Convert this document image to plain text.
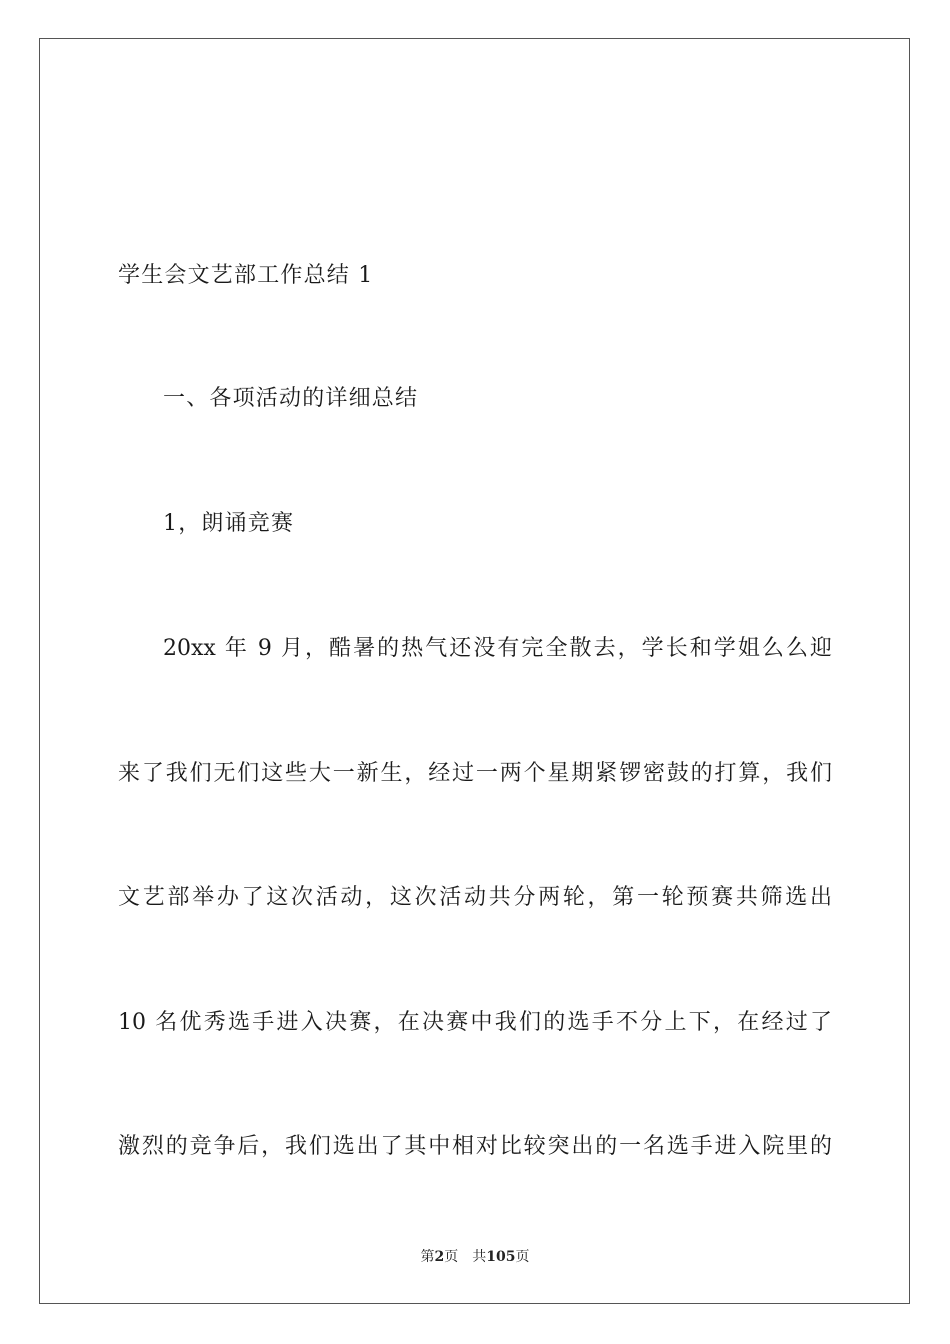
学生会文艺部工作总结 1
一、各项活动的详细总结
1，朗诵竞赛
20xx 年 9 月，酷暑的热气还没有完全散去，学长和学姐么么迎
来了我们无们这些大一新生，经过一两个星期紧锣密鼓的打算，我们
文艺部举办了这次活动，这次活动共分两轮，第一轮预赛共筛选出
10 名优秀选手进入决赛，在决赛中我们的选手不分上下，在经过了
激烈的竞争后，我们选出了其中相对比较突出的一名选手进入院里的
第2页 共105页
